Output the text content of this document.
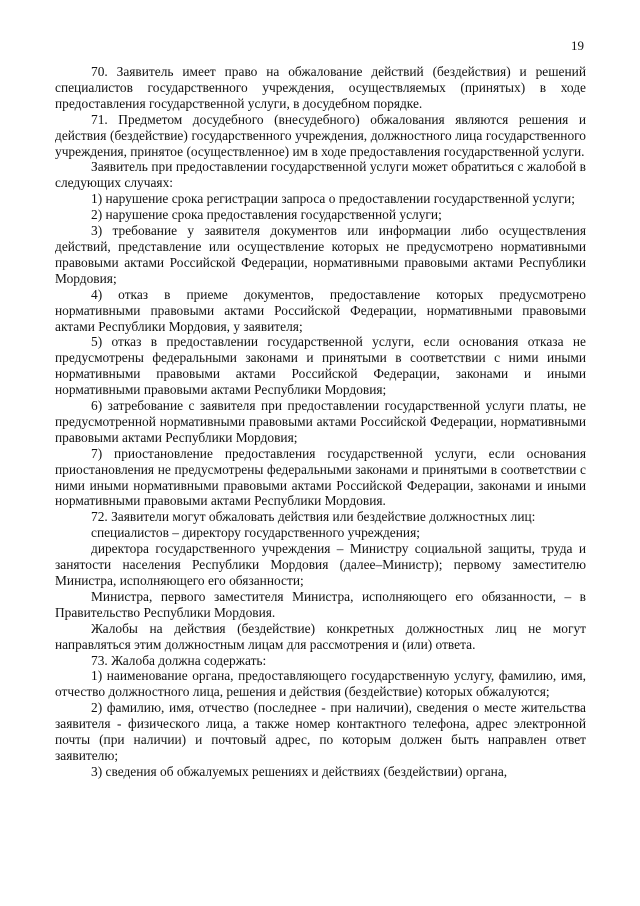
19

70. Заявитель имеет право на обжалование действий (бездействия) и решений специалистов государственного учреждения, осуществляемых (принятых) в ходе предоставления государственной услуги, в досудебном порядке.

71. Предметом досудебного (внесудебного) обжалования являются решения и действия (бездействие) государственного учреждения, должностного лица государственного учреждения, принятое (осуществленное) им в ходе предоставления государственной услуги.

Заявитель при предоставлении государственной услуги может обратиться с жалобой в следующих случаях:

1) нарушение срока регистрации запроса о предоставлении государственной услуги;

2) нарушение срока предоставления государственной услуги;

3) требование у заявителя документов или информации либо осуществления действий, представление или осуществление которых не предусмотрено нормативными правовыми актами Российской Федерации, нормативными правовыми актами Республики Мордовия;

4) отказ в приеме документов, предоставление которых предусмотрено нормативными правовыми актами Российской Федерации, нормативными правовыми актами Республики Мордовия, у заявителя;

5) отказ в предоставлении государственной услуги, если основания отказа не предусмотрены федеральными законами и принятыми в соответствии с ними иными нормативными правовыми актами Российской Федерации, законами и иными нормативными правовыми актами Республики Мордовия;

6) затребование с заявителя при предоставлении государственной услуги платы, не предусмотренной нормативными правовыми актами Российской Федерации, нормативными правовыми актами Республики Мордовия;

7) приостановление предоставления государственной услуги, если основания приостановления не предусмотрены федеральными законами и принятыми в соответствии с ними иными нормативными правовыми актами Российской Федерации, законами и иными нормативными правовыми актами Республики Мордовия.

72. Заявители могут обжаловать действия или бездействие должностных лиц:

специалистов – директору государственного учреждения;

директора государственного учреждения – Министру социальной защиты, труда и занятости населения Республики Мордовия (далее–Министр); первому заместителю Министра, исполняющего его обязанности;

Министра, первого заместителя Министра, исполняющего его обязанности, – в Правительство Республики Мордовия.

Жалобы на действия (бездействие) конкретных должностных лиц не могут направляться этим должностным лицам для рассмотрения и (или) ответа.

73. Жалоба должна содержать:

1) наименование органа, предоставляющего государственную услугу, фамилию, имя, отчество должностного лица, решения и действия (бездействие) которых обжалуются;

2) фамилию, имя, отчество (последнее - при наличии), сведения о месте жительства заявителя - физического лица, а также номер контактного телефона, адрес электронной почты (при наличии) и почтовый адрес, по которым должен быть направлен ответ заявителю;

3) сведения об обжалуемых решениях и действиях (бездействии) органа,
